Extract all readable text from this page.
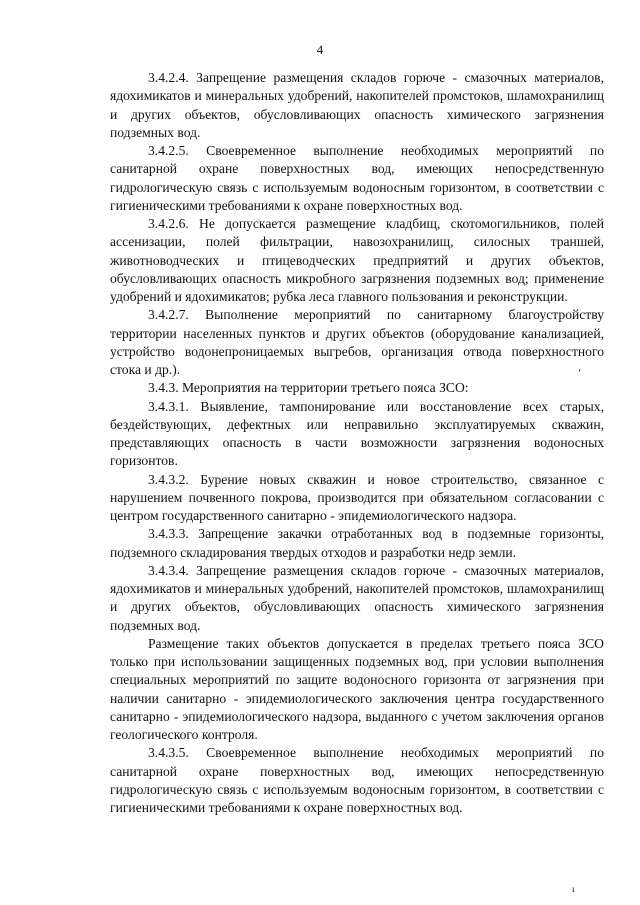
4

3.4.2.4. Запрещение размещения складов горюче - смазочных материалов, ядохимикатов и минеральных удобрений, накопителей промстоков, шламохранилищ и других объектов, обусловливающих опасность химического загрязнения подземных вод.

3.4.2.5. Своевременное выполнение необходимых мероприятий по санитарной охране поверхностных вод, имеющих непосредственную гидрологическую связь с используемым водоносным горизонтом, в соответствии с гигиеническими требованиями к охране поверхностных вод.

3.4.2.6. Не допускается размещение кладбищ, скотомогильников, полей ассенизации, полей фильтрации, навозохранилищ, силосных траншей, животноводческих и птицеводческих предприятий и других объектов, обусловливающих опасность микробного загрязнения подземных вод; применение удобрений и ядохимикатов; рубка леса главного пользования и реконструкции.

3.4.2.7. Выполнение мероприятий по санитарному благоустройству территории населенных пунктов и других объектов (оборудование канализацией, устройство водонепроницаемых выгребов, организация отвода поверхностного стока и др.).

3.4.3. Мероприятия на территории третьего пояса ЗСО:

3.4.3.1. Выявление, тампонирование или восстановление всех старых, бездействующих, дефектных или неправильно эксплуатируемых скважин, представляющих опасность в части возможности загрязнения водоносных горизонтов.

3.4.3.2. Бурение новых скважин и новое строительство, связанное с нарушением почвенного покрова, производится при обязательном согласовании с центром государственного санитарно - эпидемиологического надзора.

3.4.3.3. Запрещение закачки отработанных вод в подземные горизонты, подземного складирования твердых отходов и разработки недр земли.

3.4.3.4. Запрещение размещения складов горюче - смазочных материалов, ядохимикатов и минеральных удобрений, накопителей промстоков, шламохранилищ и других объектов, обусловливающих опасность химического загрязнения подземных вод.

Размещение таких объектов допускается в пределах третьего пояса ЗСО только при использовании защищенных подземных вод, при условии выполнения специальных мероприятий по защите водоносного горизонта от загрязнения при наличии санитарно - эпидемиологического заключения центра государственного санитарно - эпидемиологического надзора, выданного с учетом заключения органов геологического контроля.

3.4.3.5. Своевременное выполнение необходимых мероприятий по санитарной охране поверхностных вод, имеющих непосредственную гидрологическую связь с используемым водоносным горизонтом, в соответствии с гигиеническими требованиями к охране поверхностных вод.

ʻ
ı
